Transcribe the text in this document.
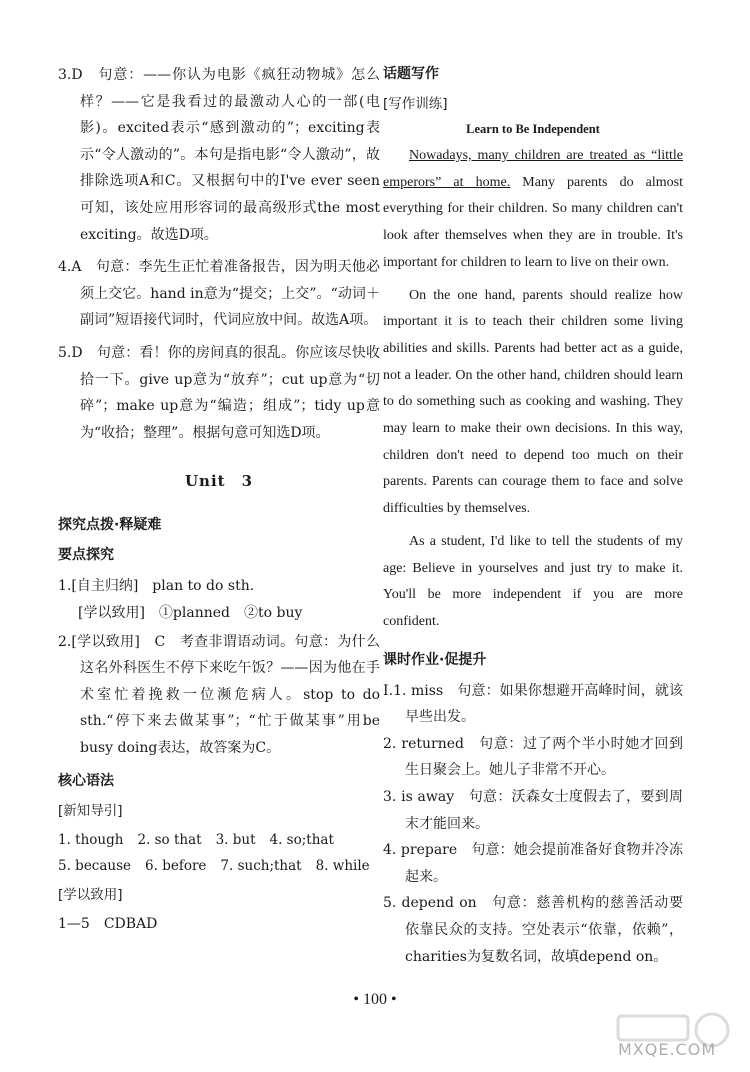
3.D　句意：——你认为电影《疯狂动物城》怎么样？——它是我看过的最激动人心的一部(电影)。excited表示“感到激动的”；exciting表示“令人激动的”。本句是指电影“令人激动”，故排除选项A和C。又根据句中的I've ever seen可知，该处应用形容词的最高级形式the most exciting。故选D项。

4.A　句意：李先生正忙着准备报告，因为明天他必须上交它。hand in意为“提交；上交”。“动词＋副词”短语接代词时，代词应放中间。故选A项。

5.D　句意：看！你的房间真的很乱。你应该尽快收拾一下。give up意为“放弃”；cut up意为“切碎”；make up意为“编造；组成”；tidy up意为“收拾；整理”。根据句意可知选D项。

Unit　3
探究点拨·释疑难
要点探究

1.[自主归纳]　plan to do sth.

[学以致用]　①planned　②to buy

2.[学以致用]　C　考查非谓语动词。句意：为什么这名外科医生不停下来吃午饭？——因为他在手术室忙着挽救一位濒危病人。stop to do sth.“停下来去做某事”；“忙于做某事”用be busy doing表达，故答案为C。

核心语法
[新知导引]
1. though 2. so that 3. but 4. so;that
5. because 6. before 7. such;that 8. while
[学以致用]

1—5　CDBAD

话题写作
[写作训练]
Learn to Be Independent

Nowadays, many children are treated as “little emperors” at home. Many parents do almost everything for their children. So many children can't look after themselves when they are in trouble. It's important for children to learn to live on their own.

On the one hand, parents should realize how important it is to teach their children some living abilities and skills. Parents had better act as a guide, not a leader. On the other hand, children should learn to do something such as cooking and washing. They may learn to make their own decisions. In this way, children don't need to depend too much on their parents. Parents can courage them to face and solve difficulties by themselves.

As a student, I'd like to tell the students of my age: Believe in yourselves and just try to make it. You'll be more independent if you are more confident.

课时作业·促提升

Ⅰ.1. miss　句意：如果你想避开高峰时间，就该早些出发。

2. returned　句意：过了两个半小时她才回到生日聚会上。她儿子非常不开心。

3. is away　句意：沃森女士度假去了，要到周末才能回来。

4. prepare　句意：她会提前准备好食物并冷冻起来。

5. depend on　句意：慈善机构的慈善活动要依靠民众的支持。空处表示“依靠，依赖”，charities为复数名词，故填depend on。

• 100 •
MXQE.COM
